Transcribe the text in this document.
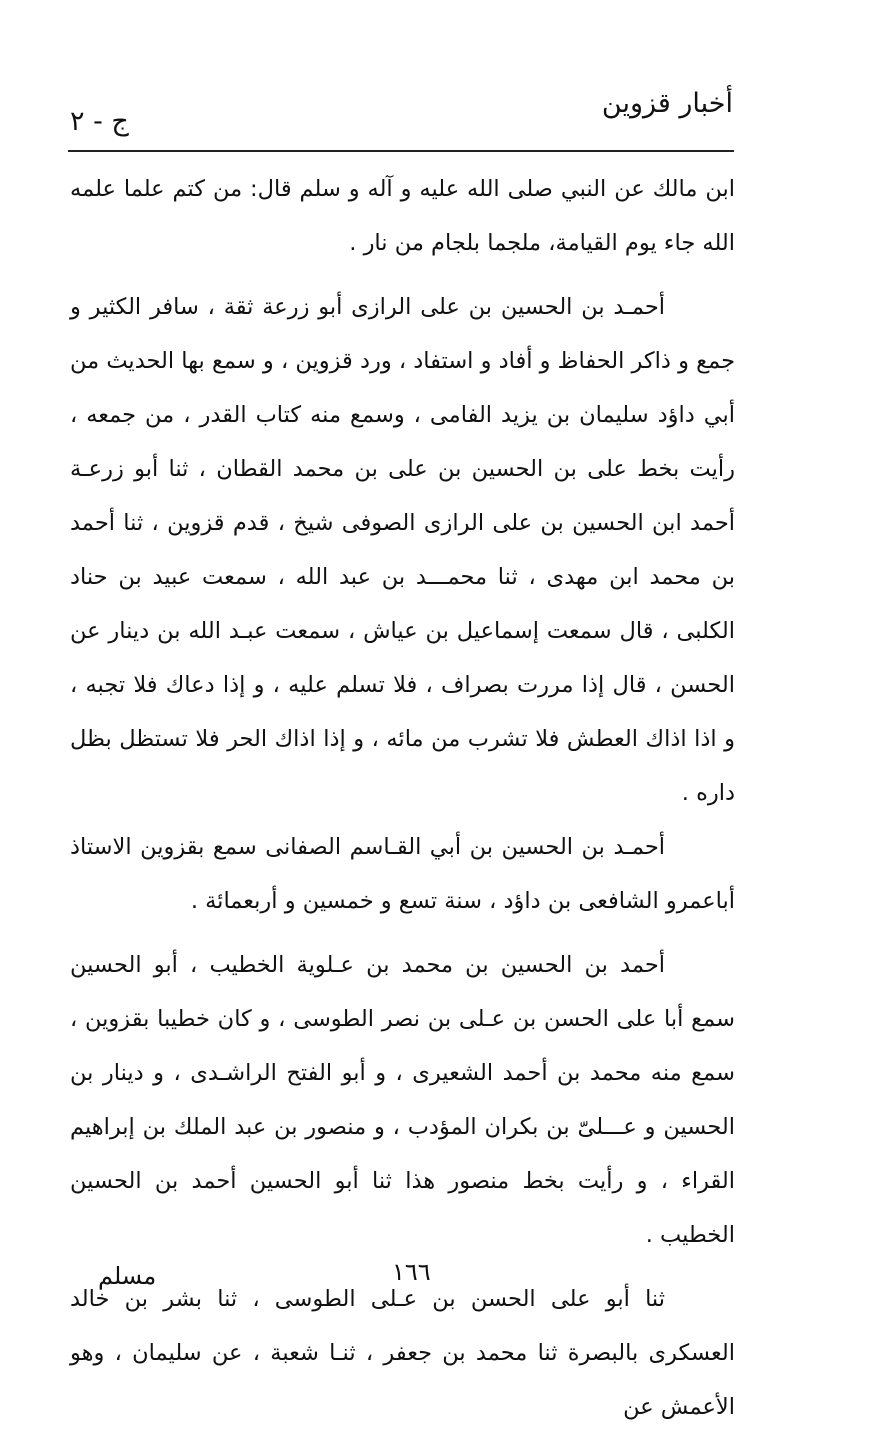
أخبار قزوين
ج - ٢

ابن مالك عن النبي صلى الله عليه و آله و سلم قال: من كتم علما علمه الله جاء يوم القيامة، ملجما بلجام من نار .

أحمـد بن الحسين بن على الرازى أبو زرعة ثقة ، سافر الكثير و جمع و ذاكر الحفاظ و أفاد و استفاد ، ورد قزوين ، و سمع بها الحديث من أبي داؤد سليمان بن يزيد الفامى ، وسمع منه كتاب القدر ، من جمعه ، رأيت بخط على بن الحسين بن على بن محمد القطان ، ثنا أبو زرعـة أحمد ابن الحسين بن على الرازى الصوفى شيخ ، قدم قزوين ، ثنا أحمد بن محمد ابن مهدى ، ثنا محمـــد بن عبد الله ، سمعت عبيد بن حناد الكلبى ، قال سمعت إسماعيل بن عياش ، سمعت عبـد الله بن دينار عن الحسن ، قال إذا مررت بصراف ، فلا تسلم عليه ، و إذا دعاك فلا تجبه ، و اذا اذاك العطش فلا تشرب من مائه ، و إذا اذاك الحر فلا تستظل بظل داره .

أحمـد بن الحسين بن أبي القـاسم الصفانى سمع بقزوين الاستاذ أباعمرو الشافعى بن داؤد ، سنة تسع و خمسين و أربعمائة .

أحمد بن الحسين بن محمد بن عـلوية الخطيب ، أبو الحسين سمع أبا على الحسن بن عـلى بن نصر الطوسى ، و كان خطيبا بقزوين ، سمع منه محمد بن أحمد الشعيرى ، و أبو الفتح الراشـدى ، و دينار بن الحسين و عـــلىّ بن بكران المؤدب ، و منصور بن عبد الملك بن إبراهيم القراء ، و رأيت بخط منصور هذا ثنا أبو الحسين أحمد بن الحسين الخطيب .

ثنا أبو على الحسن بن عـلى الطوسى ، ثنا بشر بن خالد العسكرى بالبصرة ثنا محمد بن جعفر ، ثنـا شعبة ، عن سليمان ، وهو الأعمش عن

١٦٦
مسلم
